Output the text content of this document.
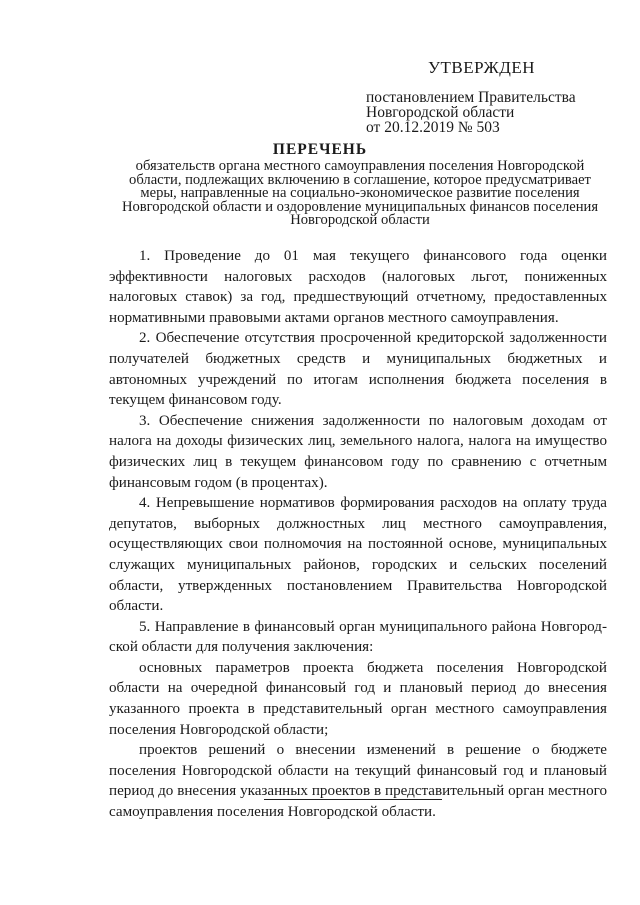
УТВЕРЖДЕН
постановлением Правительства
Новгородской области
от 20.12.2019 № 503
ПЕРЕЧЕНЬ
обязательств органа местного самоуправления поселения Новгородской
области, подлежащих включению в соглашение, которое предусматривает
меры, направленные на социально-экономическое развитие поселения
Новгородской области и оздоровление муниципальных финансов поселения
Новгородской области
1. Проведение до 01 мая текущего финансового года оценки
эффективности налоговых расходов (налоговых льгот, пониженных
налоговых ставок) за год, предшествующий отчетному, предоставленных
нормативными правовыми актами органов местного самоуправления.
2. Обеспечение отсутствия просроченной кредиторской задолженности
получателей бюджетных средств и муниципальных бюджетных и
автономных учреждений по итогам исполнения бюджета поселения в
текущем финансовом году.
3. Обеспечение снижения задолженности по налоговым доходам от
налога на доходы физических лиц, земельного налога, налога на имущество
физических лиц в текущем финансовом году по сравнению с отчетным
финансовым годом (в процентах).
4. Непревышение нормативов формирования расходов на оплату труда
депутатов, выборных должностных лиц местного самоуправления,
осуществляющих свои полномочия на постоянной основе, муниципальных
служащих муниципальных районов, городских и сельских поселений
области, утвержденных постановлением Правительства Новгородской
области.
5. Направление в финансовый орган муниципального района Новгород-
ской области для получения заключения:
основных параметров проекта бюджета поселения Новгородской
области на очередной финансовый год и плановый период до внесения
указанного проекта в представительный орган местного самоуправления
поселения Новгородской области;
проектов решений о внесении изменений в решение о бюджете
поселения Новгородской области на текущий финансовый год и плановый
период до внесения указанных проектов в представительный орган местного
самоуправления поселения Новгородской области.
